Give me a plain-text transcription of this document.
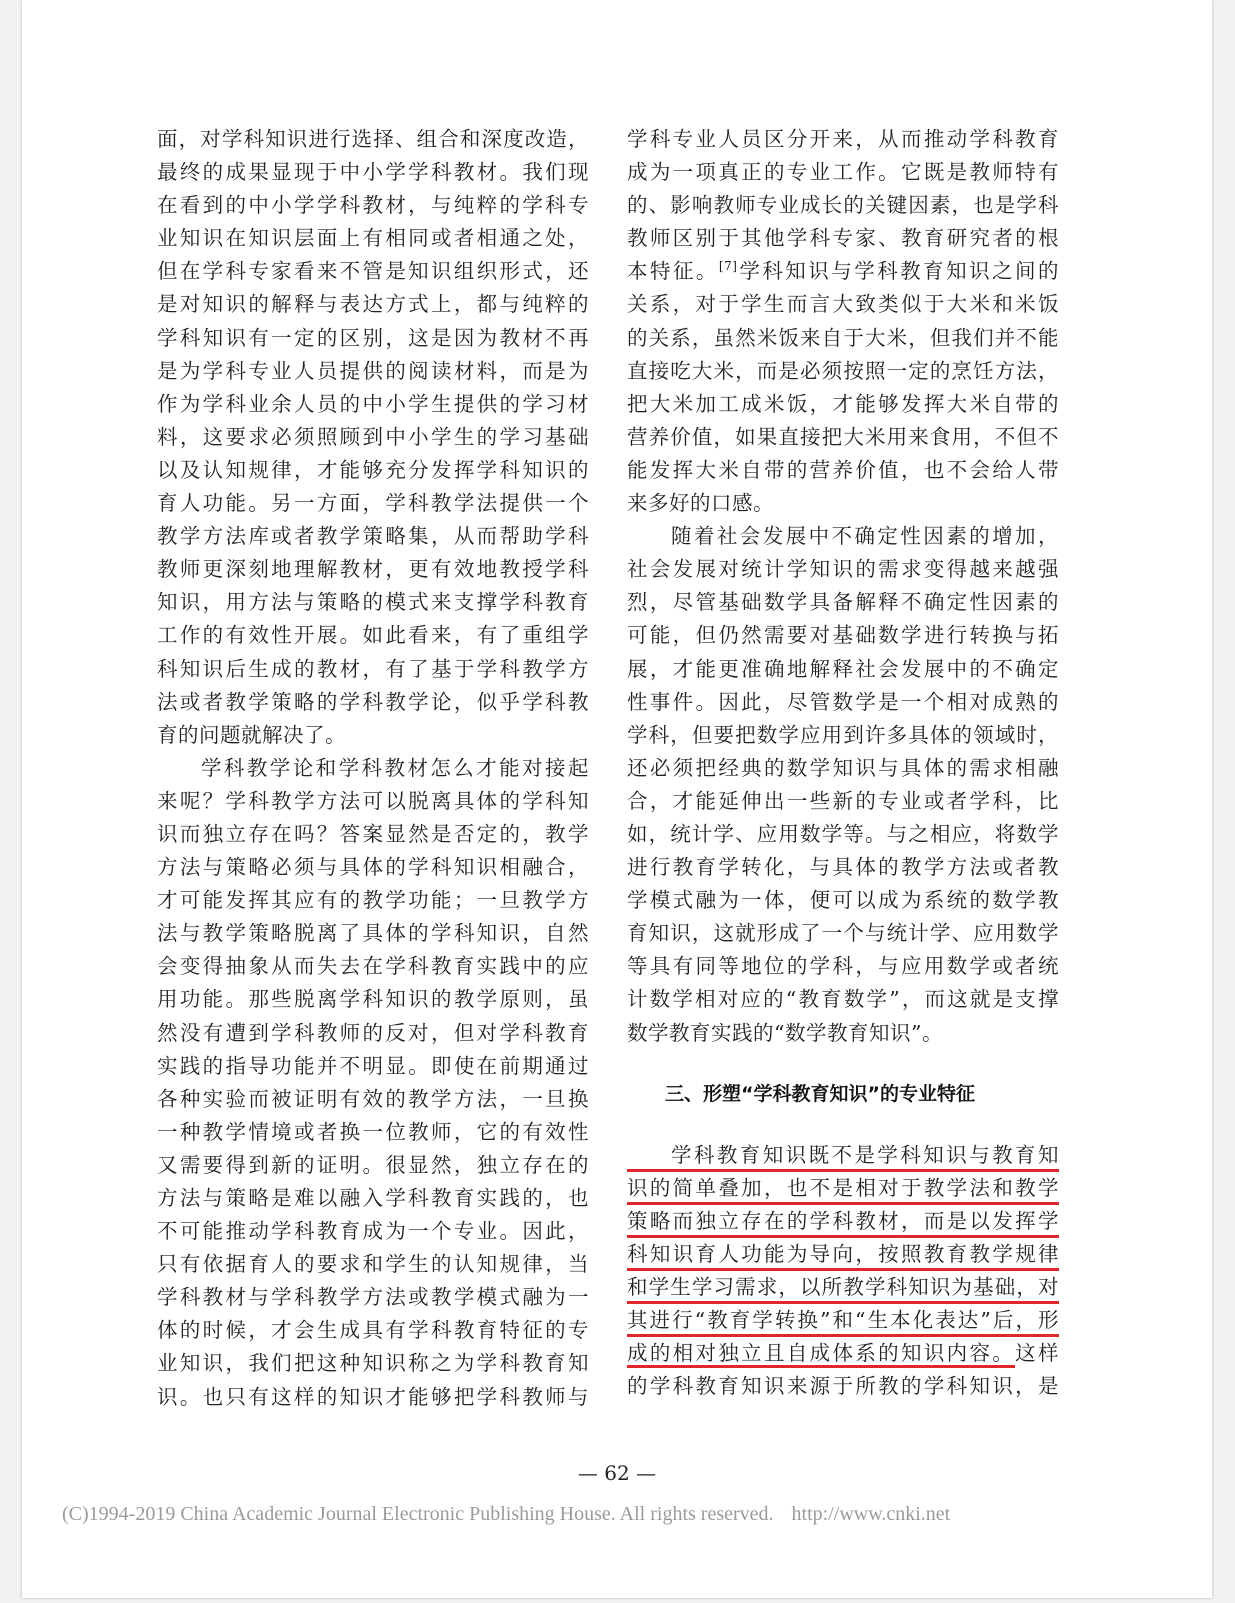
面，对学科知识进行选择、组合和深度改造，
最终的成果显现于中小学学科教材。我们现
在看到的中小学学科教材，与纯粹的学科专
业知识在知识层面上有相同或者相通之处，
但在学科专家看来不管是知识组织形式，还
是对知识的解释与表达方式上，都与纯粹的
学科知识有一定的区别，这是因为教材不再
是为学科专业人员提供的阅读材料，而是为
作为学科业余人员的中小学生提供的学习材
料，这要求必须照顾到中小学生的学习基础
以及认知规律，才能够充分发挥学科知识的
育人功能。另一方面，学科教学法提供一个
教学方法库或者教学策略集，从而帮助学科
教师更深刻地理解教材，更有效地教授学科
知识，用方法与策略的模式来支撑学科教育
工作的有效性开展。如此看来，有了重组学
科知识后生成的教材，有了基于学科教学方
法或者教学策略的学科教学论，似乎学科教
育的问题就解决了。
学科教学论和学科教材怎么才能对接起
来呢？学科教学方法可以脱离具体的学科知
识而独立存在吗？答案显然是否定的，教学
方法与策略必须与具体的学科知识相融合，
才可能发挥其应有的教学功能；一旦教学方
法与教学策略脱离了具体的学科知识，自然
会变得抽象从而失去在学科教育实践中的应
用功能。那些脱离学科知识的教学原则，虽
然没有遭到学科教师的反对，但对学科教育
实践的指导功能并不明显。即使在前期通过
各种实验而被证明有效的教学方法，一旦换
一种教学情境或者换一位教师，它的有效性
又需要得到新的证明。很显然，独立存在的
方法与策略是难以融入学科教育实践的，也
不可能推动学科教育成为一个专业。因此，
只有依据育人的要求和学生的认知规律，当
学科教材与学科教学方法或教学模式融为一
体的时候，才会生成具有学科教育特征的专
业知识，我们把这种知识称之为学科教育知
识。也只有这样的知识才能够把学科教师与
学科专业人员区分开来，从而推动学科教育
成为一项真正的专业工作。它既是教师特有
的、影响教师专业成长的关键因素，也是学科
教师区别于其他学科专家、教育研究者的根
本特征。[7]学科知识与学科教育知识之间的
关系，对于学生而言大致类似于大米和米饭
的关系，虽然米饭来自于大米，但我们并不能
直接吃大米，而是必须按照一定的烹饪方法，
把大米加工成米饭，才能够发挥大米自带的
营养价值，如果直接把大米用来食用，不但不
能发挥大米自带的营养价值，也不会给人带
来多好的口感。
随着社会发展中不确定性因素的增加，
社会发展对统计学知识的需求变得越来越强
烈，尽管基础数学具备解释不确定性因素的
可能，但仍然需要对基础数学进行转换与拓
展，才能更准确地解释社会发展中的不确定
性事件。因此，尽管数学是一个相对成熟的
学科，但要把数学应用到许多具体的领域时，
还必须把经典的数学知识与具体的需求相融
合，才能延伸出一些新的专业或者学科，比
如，统计学、应用数学等。与之相应，将数学
进行教育学转化，与具体的教学方法或者教
学模式融为一体，便可以成为系统的数学教
育知识，这就形成了一个与统计学、应用数学
等具有同等地位的学科，与应用数学或者统
计数学相对应的“教育数学”，而这就是支撑
数学教育实践的“数学教育知识”。
三、形塑“学科教育知识”的专业特征
学科教育知识既不是学科知识与教育知
识的简单叠加，也不是相对于教学法和教学
策略而独立存在的学科教材，而是以发挥学
科知识育人功能为导向，按照教育教学规律
和学生学习需求，以所教学科知识为基础，对
其进行“教育学转换”和“生本化表达”后，形
成的相对独立且自成体系的知识内容。这样
的学科教育知识来源于所教的学科知识，是
— 62 —
(C)1994-2019 China Academic Journal Electronic Publishing House. All rights reserved. http://www.cnki.net
